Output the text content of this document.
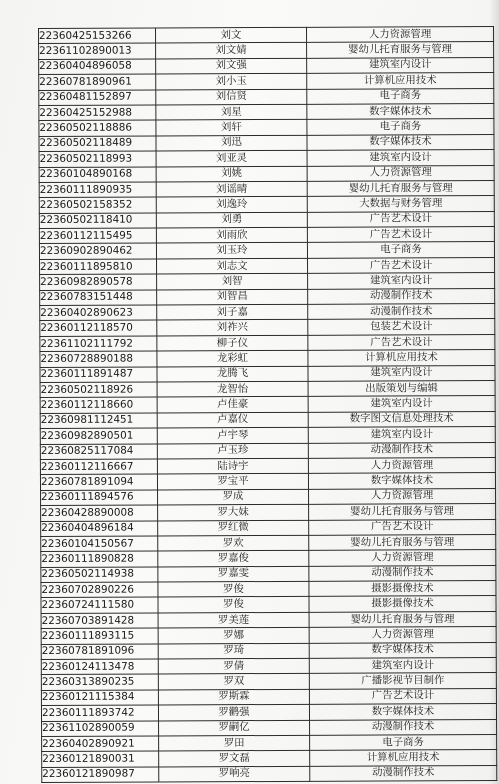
22360425153266	刘文	人力资源管理
22361102890013	刘文婧	婴幼儿托育服务与管理
22360404896058	刘文强	建筑室内设计
22360781890961	刘小玉	计算机应用技术
22360481152897	刘信贤	电子商务
22360425152988	刘星	数字媒体技术
22360502118886	刘轩	电子商务
22360502118489	刘迅	数字媒体技术
22360502118993	刘亚灵	建筑室内设计
22360104890168	刘姚	人力资源管理
22360111890935	刘谣晴	婴幼儿托育服务与管理
22360502158352	刘逸玲	大数据与财务管理
22360502118410	刘勇	广告艺术设计
22360112115495	刘雨欣	广告艺术设计
22360902890462	刘玉玲	电子商务
22360111895810	刘志文	广告艺术设计
22360982890578	刘智	建筑室内设计
22360783151448	刘智昌	动漫制作技术
22360402890623	刘子嘉	动漫制作技术
22360112118570	刘祚兴	包装艺术设计
22361102111792	柳子仪	广告艺术设计
22360728890188	龙彩虹	计算机应用技术
22360111891487	龙腾飞	建筑室内设计
22360502118926	龙智怡	出版策划与编辑
22360112118660	卢佳豪	建筑室内设计
22360981112451	卢嘉仪	数字图文信息处理技术
22360982890501	卢宇琴	建筑室内设计
22360825117084	卢玉珍	动漫制作技术
22360112116667	陆诗宇	人力资源管理
22360781891094	罗宝平	数字媒体技术
22360111894576	罗成	人力资源管理
22360428890008	罗大妹	婴幼儿托育服务与管理
22360404896184	罗红微	广告艺术设计
22360104150567	罗欢	婴幼儿托育服务与管理
22360111890828	罗嘉俊	人力资源管理
22360502114938	罗嘉雯	动漫制作技术
22360702890226	罗俊	摄影摄像技术
22360724111580	罗俊	摄影摄像技术
22360703891428	罗美莲	婴幼儿托育服务与管理
22360111893115	罗娜	人力资源管理
22360781891096	罗琦	数字媒体技术
22360124113478	罗倩	建筑室内设计
22360313890235	罗双	广播影视节目制作
22360121115384	罗斯霖	广告艺术设计
22360111893742	罗鹳强	数字媒体技术
22361102890059	罗嗣亿	动漫制作技术
22360402890921	罗田	电子商务
22360121890031	罗文磊	计算机应用技术
22360121890987	罗响亮	动漫制作技术
